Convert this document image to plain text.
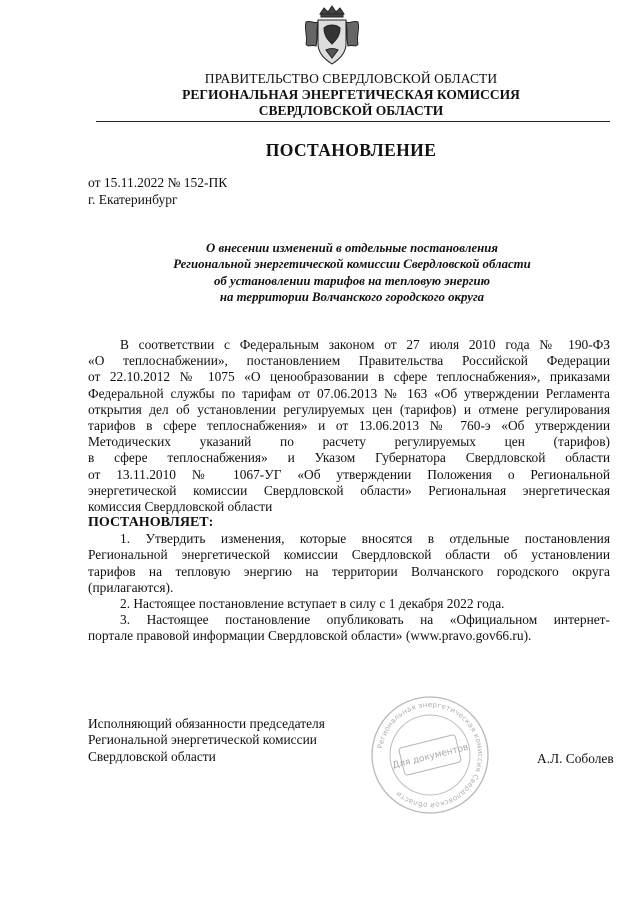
ПРАВИТЕЛЬСТВО СВЕРДЛОВСКОЙ ОБЛАСТИ
РЕГИОНАЛЬНАЯ ЭНЕРГЕТИЧЕСКАЯ КОМИССИЯ
СВЕРДЛОВСКОЙ ОБЛАСТИ
ПОСТАНОВЛЕНИЕ
от 15.11.2022 № 152-ПК
г. Екатеринбург
О внесении изменений в отдельные постановления
Региональной энергетической комиссии Свердловской области
об установлении тарифов на тепловую энергию
на территории Волчанского городского округа
В соответствии с Федеральным законом от 27 июля 2010 года № 190-ФЗ
«О теплоснабжении», постановлением Правительства Российской Федерации
от 22.10.2012 № 1075 «О ценообразовании в сфере теплоснабжения», приказами
Федеральной службы по тарифам от 07.06.2013 № 163 «Об утверждении Регламента
открытия дел об установлении регулируемых цен (тарифов) и отмене регулирования
тарифов в сфере теплоснабжения» и от 13.06.2013 № 760-э «Об утверждении
Методических указаний по расчету регулируемых цен (тарифов)
в сфере теплоснабжения» и Указом Губернатора Свердловской области
от 13.11.2010 № 1067-УГ «Об утверждении Положения о Региональной
энергетической комиссии Свердловской области» Региональная энергетическая
комиссия Свердловской области
ПОСТАНОВЛЯЕТ:
1. Утвердить изменения, которые вносятся в отдельные постановления
Региональной энергетической комиссии Свердловской области об установлении
тарифов на тепловую энергию на территории Волчанского городского округа
(прилагаются).
2. Настоящее постановление вступает в силу с 1 декабря 2022 года.
3. Настоящее постановление опубликовать на «Официальном интернет-
портале правовой информации Свердловской области» (www.pravo.gov66.ru).
Исполняющий обязанности председателя
Региональной энергетической комиссии
Свердловской области	А.Л. Соболев
Региональная энергетическая комиссия Свердловской области
Для документов
